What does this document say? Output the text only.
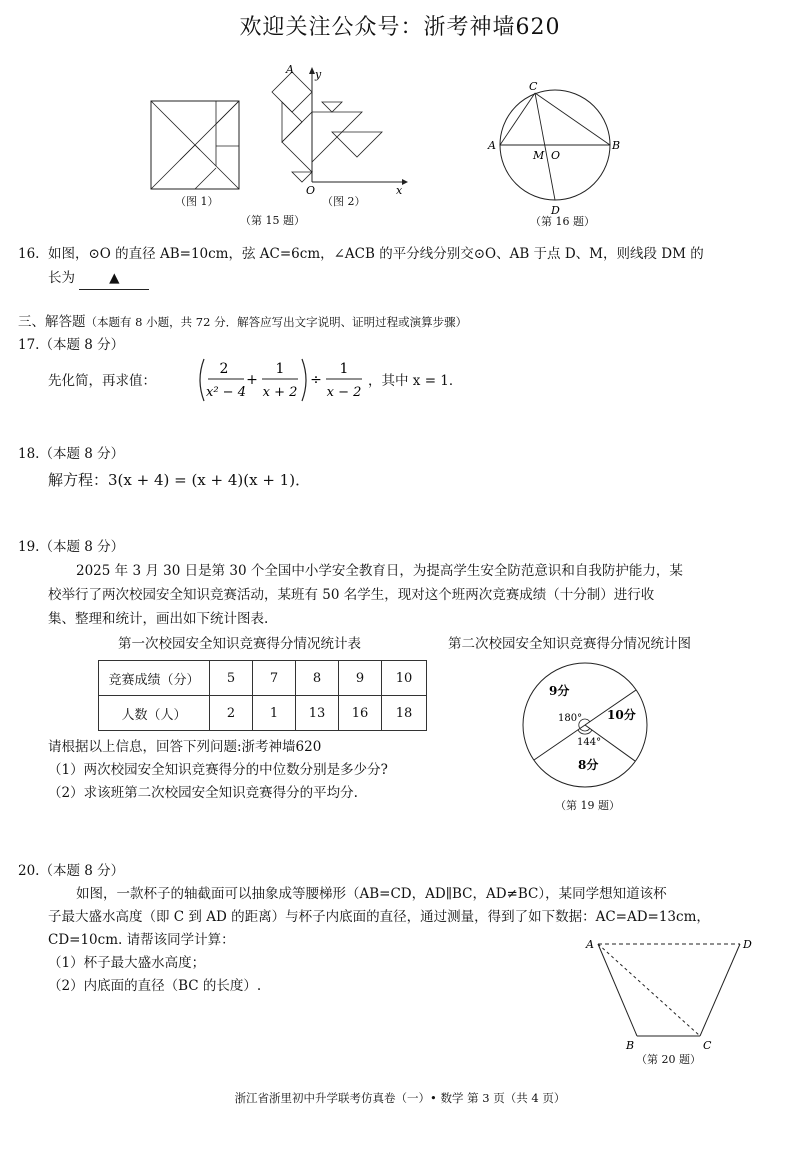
欢迎关注公众号：浙考神墙620
（图 1）
A y
O	x
（图 2）
（第 15 题）
C
A
M O
B
D
（第 16 题）
16. 如图，⊙O 的直径 AB=10cm，弦 AC=6cm，∠ACB 的平分线分别交⊙O、AB 于点 D、M，则线段 DM 的
长为	▲
三、解答题（本题有 8 小题，共 72 分．解答应写出文字说明、证明过程或演算步骤）
17.（本题 8 分）
先化简，再求值：
2
x² − 4
+
1
x + 2
÷
1
x − 2
，其中 x = 1．
18.（本题 8 分）
解方程：3(x + 4) = (x + 4)(x + 1)．
19.（本题 8 分）
2025 年 3 月 30 日是第 30 个全国中小学安全教育日，为提高学生安全防范意识和自我防护能力，某
校举行了两次校园安全知识竞赛活动，某班有 50 名学生，现对这个班两次竞赛成绩（十分制）进行收
集、整理和统计，画出如下统计图表.
第一次校园安全知识竞赛得分情况统计表
竞赛成绩（分）	5	7	8	9	10
人数（人）	2	1	13	16	18
第二次校园安全知识竞赛得分情况统计图
9分
10分
8分
180°
144°
（第 19 题）
请根据以上信息，回答下列问题:浙考神墙620
（1）两次校园安全知识竞赛得分的中位数分别是多少分?
（2）求该班第二次校园安全知识竞赛得分的平均分.
20.（本题 8 分）
如图，一款杯子的轴截面可以抽象成等腰梯形（AB=CD，AD∥BC，AD≠BC），某同学想知道该杯
子最大盛水高度（即 C 到 AD 的距离）与杯子内底面的直径，通过测量，得到了如下数据：AC=AD=13cm，
CD=10cm. 请帮该同学计算：
（1）杯子最大盛水高度；
（2）内底面的直径（BC 的长度）.
A	D
B	C
（第 20 题）
浙江省浙里初中升学联考仿真卷（一）• 数学 第 3 页（共 4 页）
